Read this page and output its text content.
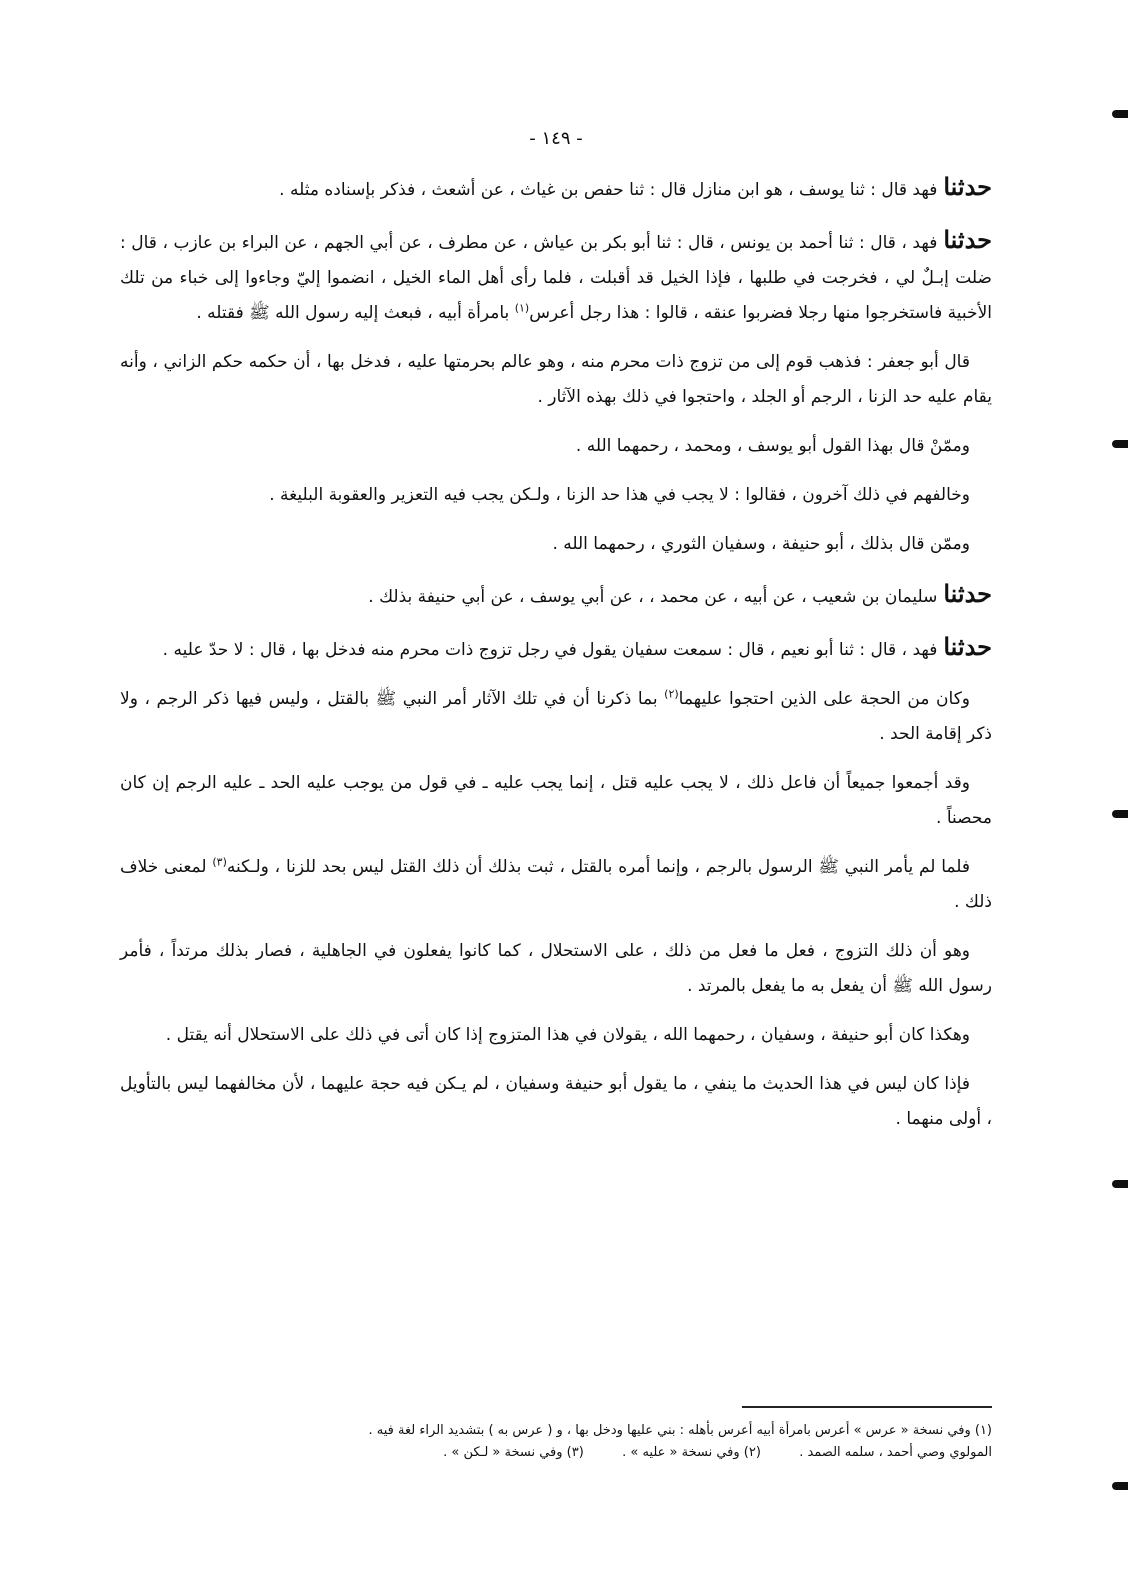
- ١٤٩ -

حدثنافهد قال : ثنا يوسف ، هو ابن منازل قال : ثنا حفص بن غياث ، عن أشعث ، فذكر بإسناده مثله .

حدثنافهد ، قال : ثنا أحمد بن يونس ، قال : ثنا أبو بكر بن عياش ، عن مطرف ، عن أبي الجهم ، عن البراء بن عازب ، قال : ضلت إبـلٌ لي ، فخرجت في طلبها ، فإذا الخيل قد أقبلت ، فلما رأى أهل الماء الخيل ، انضموا إليّ وجاءوا إلى خباء من تلك الأخبية فاستخرجوا منها رجلا فضربوا عنقه ، قالوا : هذا رجل أعرس$^{(١)}$ بامرأة أبيه ، فبعث إليه رسول الله ﷺ فقتله .

قال أبو جعفر : فذهب قوم إلى من تزوج ذات محرم منه ، وهو عالم بحرمتها عليه ، فدخل بها ، أن حكمه حكم الزاني ، وأنه يقام عليه حد الزنا ، الرجم أو الجلد ، واحتجوا في ذلك بهذه الآثار .

وممّنْ قال بهذا القول أبو يوسف ، ومحمد ، رحمهما الله .

وخالفهم في ذلك آخرون ، فقالوا : لا يجب في هذا حد الزنا ، ولـكن يجب فيه التعزير والعقوبة البليغة .

وممّن قال بذلك ، أبو حنيفة ، وسفيان الثوري ، رحمهما الله .

حدثناسليمان بن شعيب ، عن أبيه ، عن محمد ، ، عن أبي يوسف ، عن أبي حنيفة بذلك .

حدثنافهد ، قال : ثنا أبو نعيم ، قال : سمعت سفيان يقول في رجل تزوج ذات محرم منه فدخل بها ، قال : لا حدّ عليه .

وكان من الحجة على الذين احتجوا عليهما$^{(٢)}$ بما ذكرنا أن في تلك الآثار أمر النبي ﷺ بالقتل ، وليس فيها ذكر الرجم ، ولا ذكر إقامة الحد .

وقد أجمعوا جميعاً أن فاعل ذلك ، لا يجب عليه قتل ، إنما يجب عليه ـ في قول من يوجب عليه الحد ـ عليه الرجم إن كان محصناً .

فلما لم يأمر النبي ﷺ الرسول بالرجم ، وإنما أمره بالقتل ، ثبت بذلك أن ذلك القتل ليس بحد للزنا ، ولـكنه$^{(٣)}$ لمعنى خلاف ذلك .

وهو أن ذلك التزوج ، فعل ما فعل من ذلك ، على الاستحلال ، كما كانوا يفعلون في الجاهلية ، فصار بذلك مرتداً ، فأمر رسول الله ﷺ أن يفعل به ما يفعل بالمرتد .

وهكذا كان أبو حنيفة ، وسفيان ، رحمهما الله ، يقولان في هذا المتزوج إذا كان أتى في ذلك على الاستحلال أنه يقتل .

فإذا كان ليس في هذا الحديث ما ينفي ، ما يقول أبو حنيفة وسفيان ، لم يـكن فيه حجة عليهما ، لأن مخالفهما ليس بالتأويل ، أولى منهما .

(١) وفي نسخة « عرس » أعرس بامرأة أبيه أعرس بأهله : بني عليها ودخل بها ، و ( عرس به ) بتشديد الراء لغة فيه .
المولوي وصي أحمد ، سلمه الصمد .  (٢) وفي نسخة « عليه » .  (٣) وفي نسخة « لـكن » .
